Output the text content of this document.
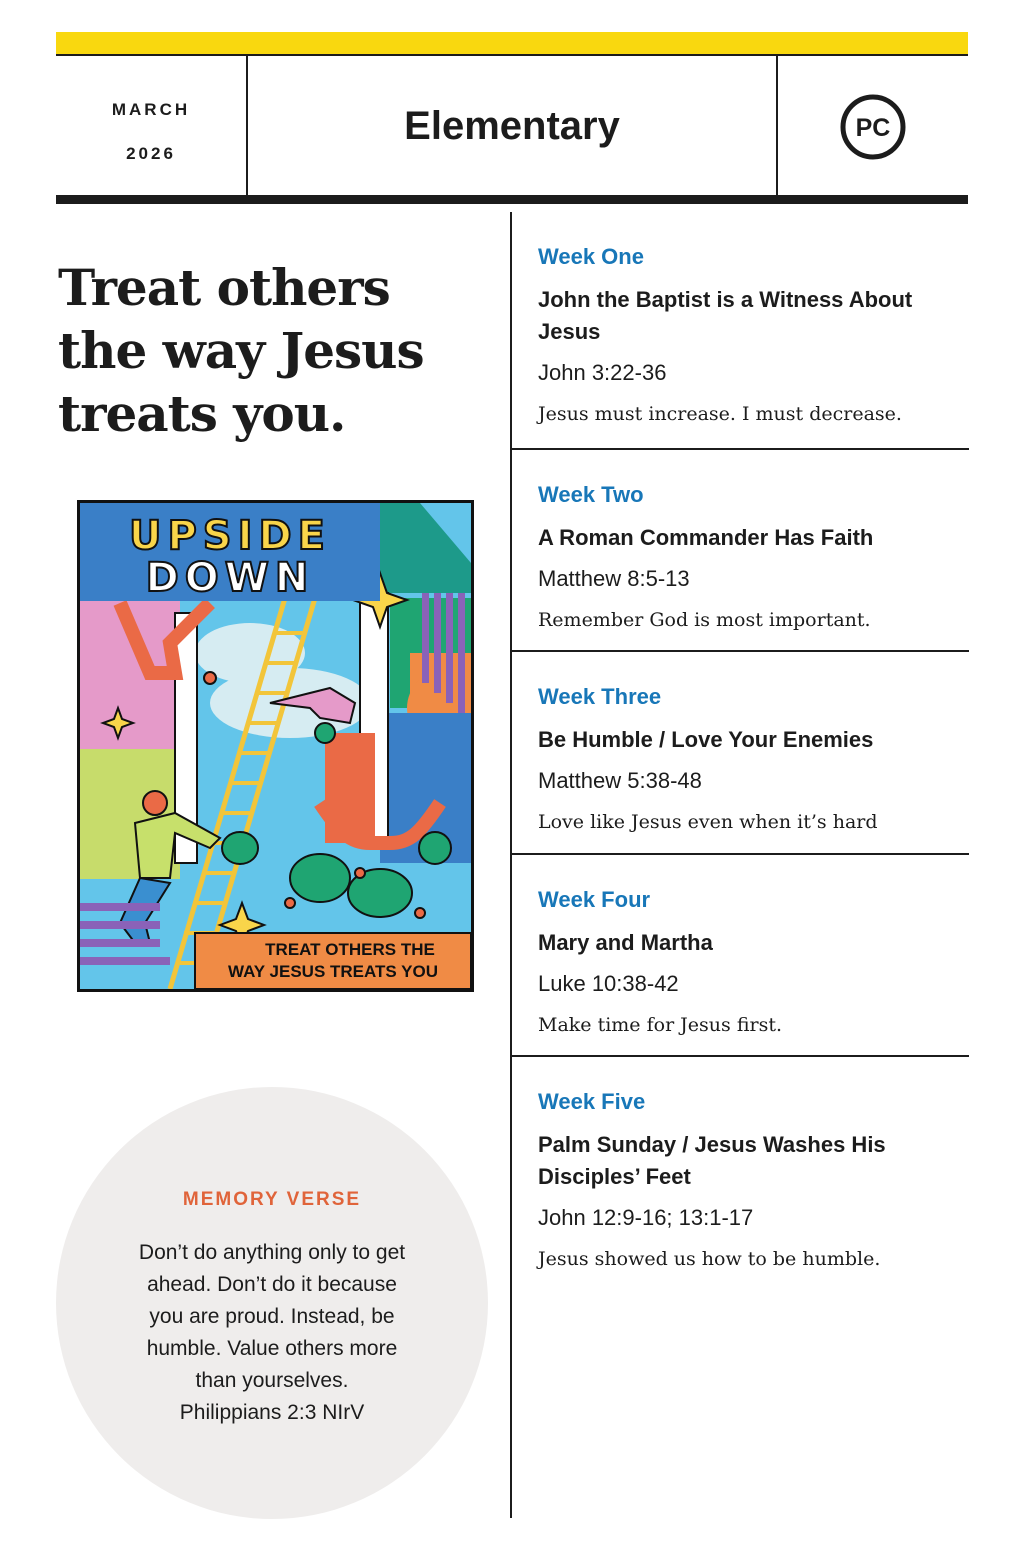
MARCH
2026
Elementary	PC
Treat others the way Jesus treats you.
UPSIDE
DOWN
TREAT OTHERS THE
WAY JESUS TREATS YOU
MEMORY VERSE
Don’t do anything only to get
ahead. Don’t do it because
you are proud. Instead, be
humble. Value others more
than yourselves.
Philippians 2:3 NIrV
Week One
John the Baptist is a Witness About Jesus
John 3:22-36
Jesus must increase. I must decrease.
Week Two
A Roman Commander Has Faith
Matthew 8:5-13
Remember God is most important.
Week Three
Be Humble / Love Your Enemies
Matthew 5:38-48
Love like Jesus even when it’s hard
Week Four
Mary and Martha
Luke 10:38-42
Make time for Jesus first.
Week Five
Palm Sunday / Jesus Washes His Disciples’ Feet
John 12:9-16; 13:1-17
Jesus showed us how to be humble.
